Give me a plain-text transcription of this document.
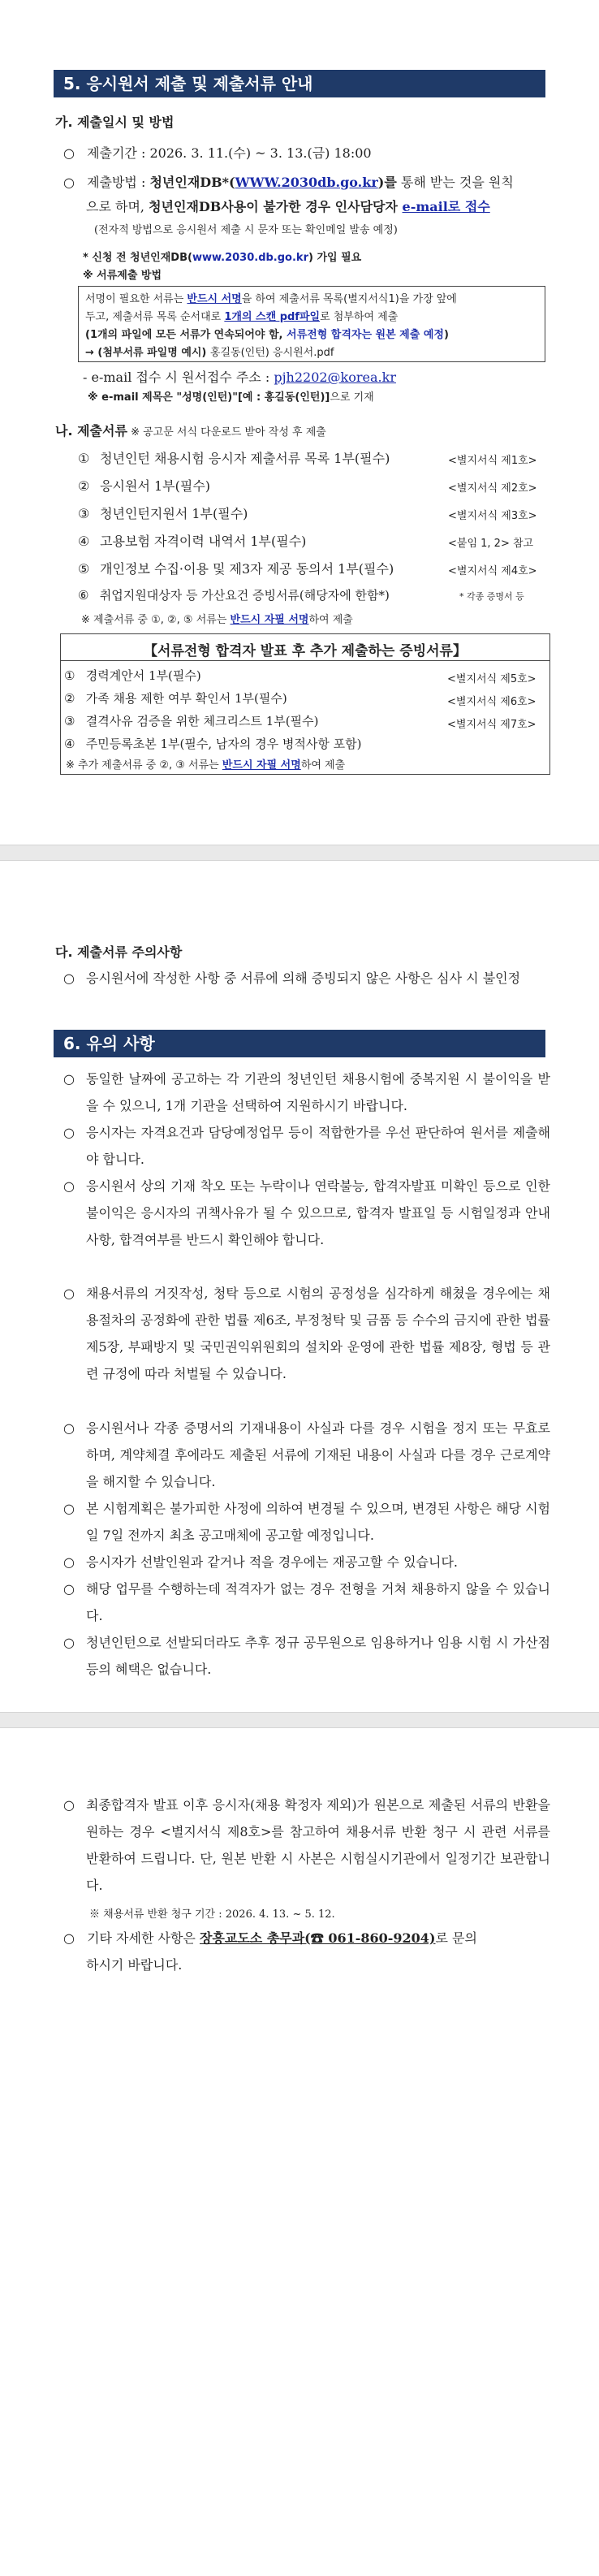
5. 응시원서 제출 및 제출서류 안내
가. 제출일시 및 방법
○ 제출기간 : 2026. 3. 11.(수) ~ 3. 13.(금) 18:00
○ 제출방법 : 청년인재DB*(WWW.2030db.go.kr)를 통해 받는 것을 원칙
으로 하며, 청년인재DB사용이 불가한 경우 인사담당자 e-mail로 접수
(전자적 방법으로 응시원서 제출 시 문자 또는 확인메일 발송 예정)
* 신청 전 청년인재DB(www.2030.db.go.kr) 가입 필요
※ 서류제출 방법
서명이 필요한 서류는 반드시 서명을 하여 제출서류 목록(별지서식1)을 가장 앞에
두고, 제출서류 목록 순서대로 1개의 스캔 pdf파일로 첨부하여 제출
(1개의 파일에 모든 서류가 연속되어야 함, 서류전형 합격자는 원본 제출 예정)
→ (첨부서류 파일명 예시) 홍길동(인턴) 응시원서.pdf
- e-mail 접수 시 원서접수 주소 : pjh2202@korea.kr
※ e-mail 제목은 "성명(인턴)"[예 : 홍길동(인턴)]으로 기재
나. 제출서류 ※ 공고문 서식 다운로드 받아 작성 후 제출
① 청년인턴 채용시험 응시자 제출서류 목록 1부(필수)	<별지서식 제1호>
② 응시원서 1부(필수)	<별지서식 제2호>
③ 청년인턴지원서 1부(필수)	<별지서식 제3호>
④ 고용보험 자격이력 내역서 1부(필수)	<붙임 1, 2> 참고
⑤ 개인정보 수집·이용 및 제3자 제공 동의서 1부(필수)	<별지서식 제4호>
⑥ 취업지원대상자 등 가산요건 증빙서류(해당자에 한함*)	* 각종 증명서 등
※ 제출서류 중 ①, ②, ⑤ 서류는 반드시 자필 서명하여 제출
【서류전형 합격자 발표 후 추가 제출하는 증빙서류】
① 경력계안서 1부(필수)	<별지서식 제5호>
② 가족 채용 제한 여부 확인서 1부(필수)	<별지서식 제6호>
③ 결격사유 검증을 위한 체크리스트 1부(필수)	<별지서식 제7호>
④ 주민등록초본 1부(필수, 남자의 경우 병적사항 포함)
※ 추가 제출서류 중 ②, ③ 서류는 반드시 자필 서명하여 제출
다. 제출서류 주의사항
○ 응시원서에 작성한 사항 중 서류에 의해 증빙되지 않은 사항은 심사 시 불인정
6. 유의 사항
○ 동일한 날짜에 공고하는 각 기관의 청년인턴 채용시험에 중복지원 시 불이익을 받을 수 있으니, 1개 기관을 선택하여 지원하시기 바랍니다.
○ 응시자는 자격요건과 담당예정업무 등이 적합한가를 우선 판단하여 원서를 제출해야 합니다.
○ 응시원서 상의 기재 착오 또는 누락이나 연락불능, 합격자발표 미확인 등으로 인한 불이익은 응시자의 귀책사유가 될 수 있으므로, 합격자 발표일 등 시험일정과 안내사항, 합격여부를 반드시 확인해야 합니다.
○ 채용서류의 거짓작성, 청탁 등으로 시험의 공정성을 심각하게 해쳤을 경우에는 채용절차의 공정화에 관한 법률 제6조, 부정청탁 및 금품 등 수수의 금지에 관한 법률 제5장, 부패방지 및 국민권익위원회의 설치와 운영에 관한 법률 제8장, 형법 등 관련 규정에 따라 처벌될 수 있습니다.
○ 응시원서나 각종 증명서의 기재내용이 사실과 다를 경우 시험을 정지 또는 무효로 하며, 계약체결 후에라도 제출된 서류에 기재된 내용이 사실과 다를 경우 근로계약을 해지할 수 있습니다.
○ 본 시험계획은 불가피한 사정에 의하여 변경될 수 있으며, 변경된 사항은 해당 시험일 7일 전까지 최초 공고매체에 공고할 예정입니다.
○ 응시자가 선발인원과 같거나 적을 경우에는 재공고할 수 있습니다.
○ 해당 업무를 수행하는데 적격자가 없는 경우 전형을 거쳐 채용하지 않을 수 있습니다.
○ 청년인턴으로 선발되더라도 추후 정규 공무원으로 임용하거나 임용 시험 시 가산점 등의 혜택은 없습니다.
○ 최종합격자 발표 이후 응시자(채용 확정자 제외)가 원본으로 제출된 서류의 반환을 원하는 경우 <별지서식 제8호>를 참고하여 채용서류 반환 청구 시 관련 서류를 반환하여 드립니다. 단, 원본 반환 시 사본은 시험실시기관에서 일정기간 보관합니다.
※ 채용서류 반환 청구 기간 : 2026. 4. 13. ~ 5. 12.
○ 기타 자세한 사항은 장흥교도소 총무과(☎ 061-860-9204)로 문의
하시기 바랍니다.
